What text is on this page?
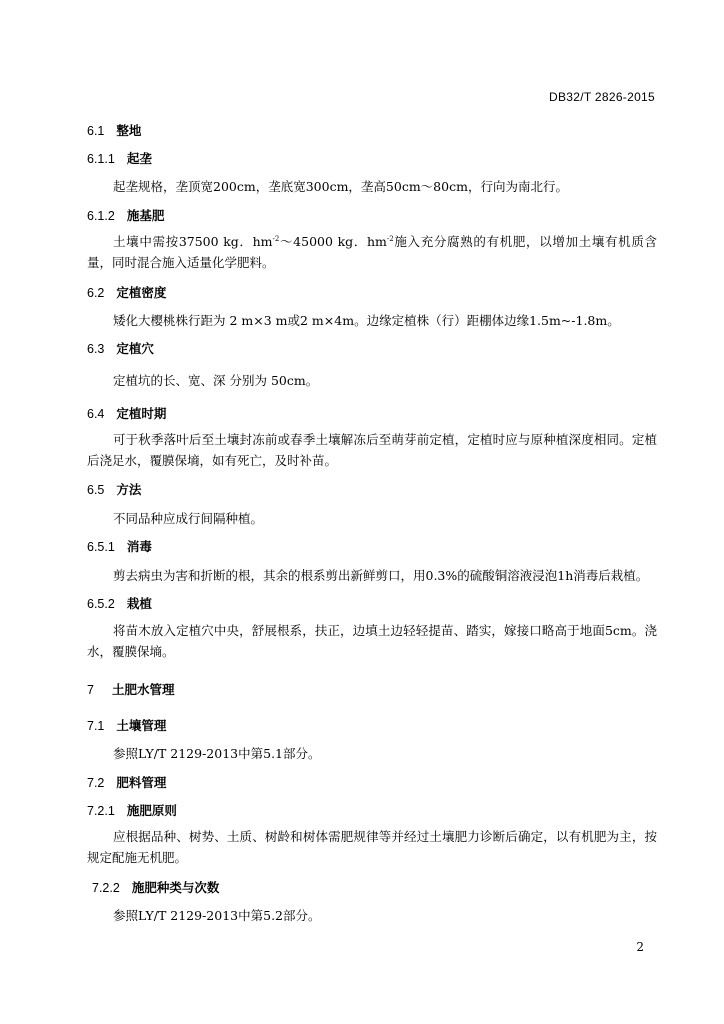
DB32/T 2826-2015
6.1 整地
6.1.1 起垄
起垄规格，垄顶宽200cm，垄底宽300cm，垄高50cm～80cm，行向为南北行。
6.1.2 施基肥
土壤中需按37500 kg．$hm^{-2}\sim 45000$ kg．$hm^{-2}$施入充分腐熟的有机肥，以增加土壤有机质含量，同时混合施入适量化学肥料。
6.2 定植密度
矮化大樱桃株行距为 2 m×3 m或2 m×4m。边缘定植株（行）距棚体边缘1.5m~-1.8m。
6.3 定植穴
定植坑的长、宽、深 分别为 50cm。
6.4 定植时期
可于秋季落叶后至土壤封冻前或春季土壤解冻后至萌芽前定植，定植时应与原种植深度相同。定植后浇足水，覆膜保墒，如有死亡，及时补苗。
6.5 方法
不同品种应成行间隔种植。
6.5.1 消毒
剪去病虫为害和折断的根，其余的根系剪出新鲜剪口，用0.3%的硫酸铜溶液浸泡1h消毒后栽植。
6.5.2 栽植
将苗木放入定植穴中央，舒展根系，扶正，边填土边轻轻提苗、踏实，嫁接口略高于地面5cm。浇水，覆膜保墒。
7 土肥水管理
7.1 土壤管理
参照LY/T 2129-2013中第5.1部分。
7.2 肥料管理
7.2.1 施肥原则
应根据品种、树势、土质、树龄和树体需肥规律等并经过土壤肥力诊断后确定，以有机肥为主，按规定配施无机肥。
7.2.2 施肥种类与次数
参照LY/T 2129-2013中第5.2部分。
2
